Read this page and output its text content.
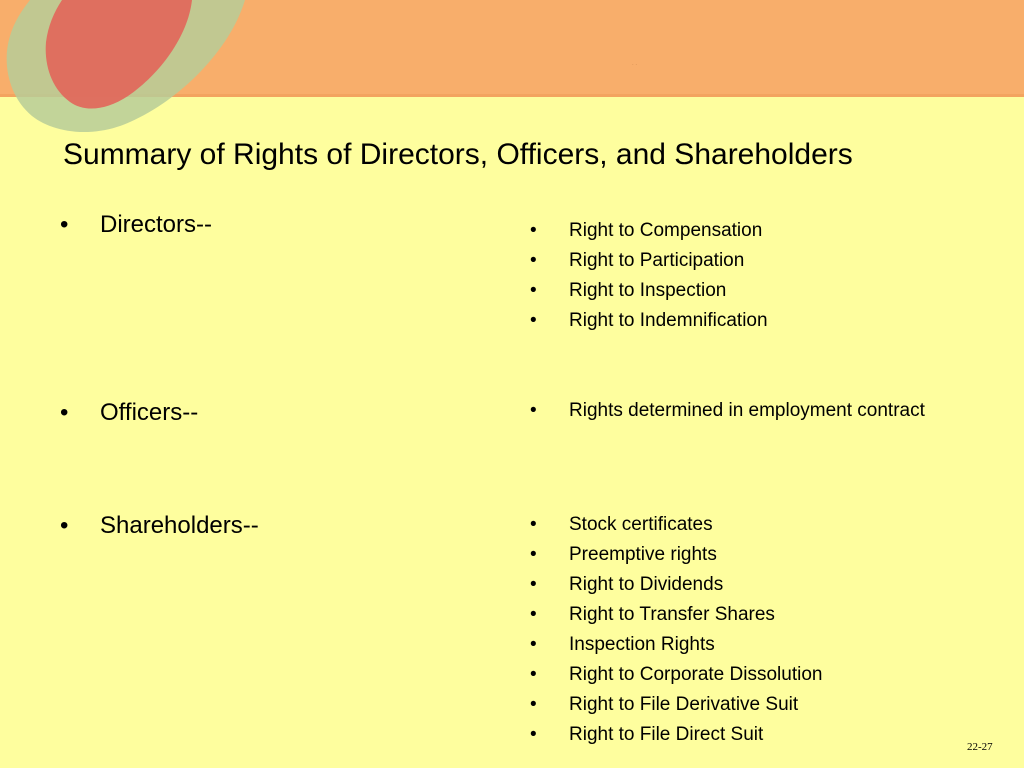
. .
Summary of Rights of Directors, Officers, and Shareholders
• Directors--
• Officers--
• Shareholders--
•	Right to Compensation
•	Right to Participation
•	Right to Inspection
•	Right to Indemnification
•	Rights determined in employment contract
•	Stock certificates
•	Preemptive rights
•	Right to Dividends
•	Right to Transfer Shares
•	Inspection Rights
•	Right to Corporate Dissolution
•	Right to File Derivative Suit
•	Right to File Direct Suit
22-27
